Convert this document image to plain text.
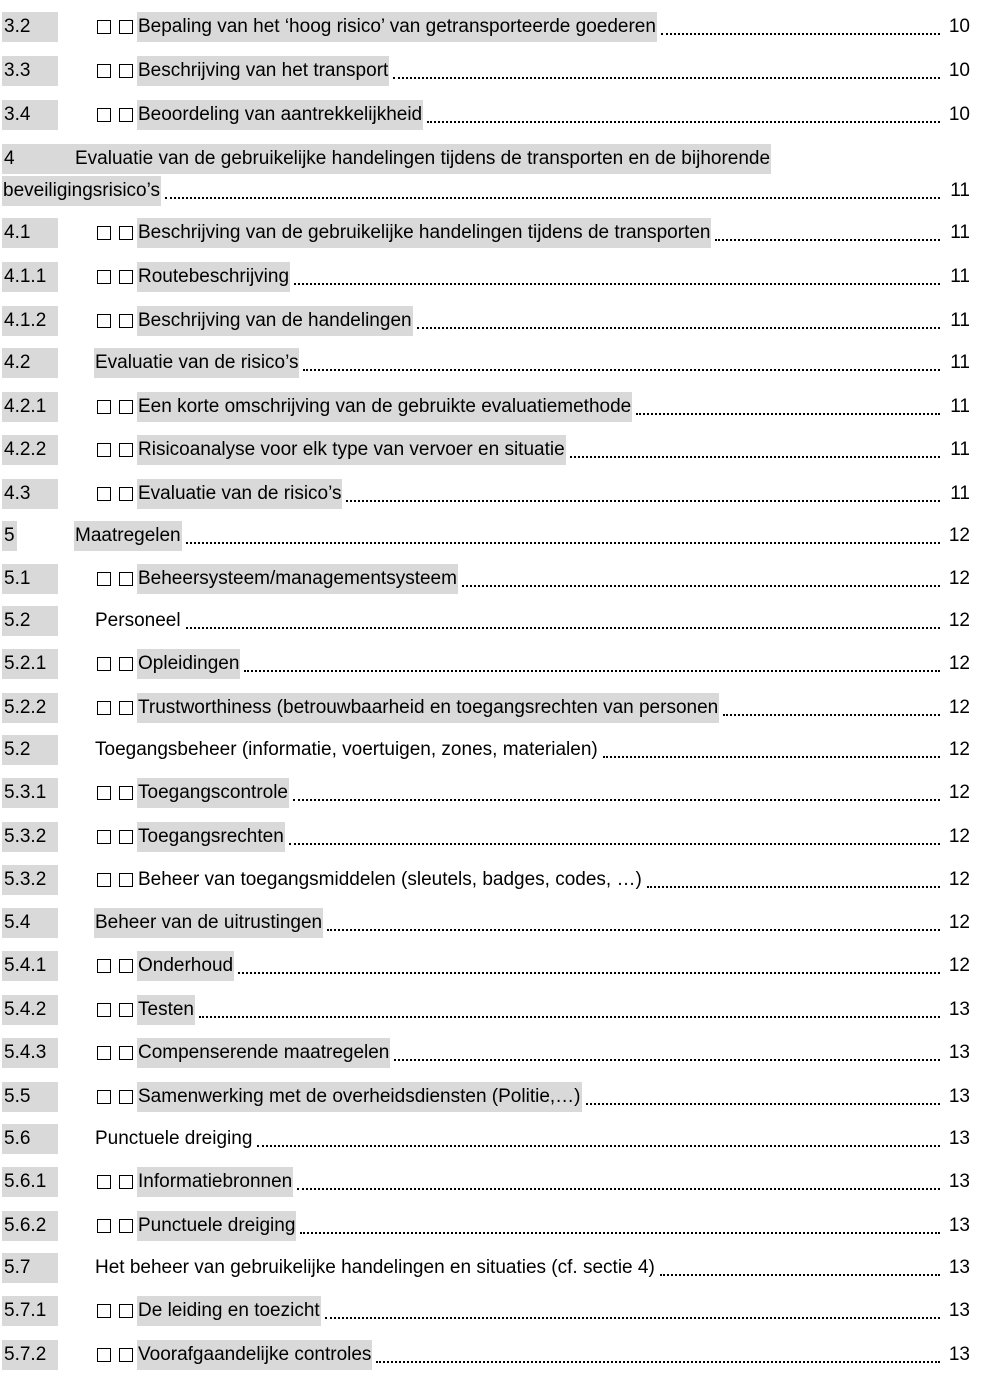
3.2	Bepaling van het ‘hoog risico’ van getransporteerde goederen	10
3.3	Beschrijving van het transport	10
3.4	Beoordeling van aantrekkelijkheid	10
4	Evaluatie van de gebruikelijke handelingen tijdens de transporten en de bijhorende
beveiligingsrisico’s	11
4.1	Beschrijving van de gebruikelijke handelingen tijdens de transporten	11
4.1.1	Routebeschrijving	11
4.1.2	Beschrijving van de handelingen	11
4.2	Evaluatie van de risico’s	11
4.2.1	Een korte omschrijving van de gebruikte evaluatiemethode	11
4.2.2	Risicoanalyse voor elk type van vervoer en situatie	11
4.3	Evaluatie van de risico’s	11
5	Maatregelen	12
5.1	Beheersysteem/managementsysteem	12
5.2	Personeel	12
5.2.1	Opleidingen	12
5.2.2	Trustworthiness (betrouwbaarheid en toegangsrechten van personen	12
5.2	Toegangsbeheer (informatie, voertuigen, zones, materialen)	12
5.3.1	Toegangscontrole	12
5.3.2	Toegangsrechten	12
5.3.2	Beheer van toegangsmiddelen (sleutels, badges, codes, …)	12
5.4	Beheer van de uitrustingen	12
5.4.1	Onderhoud	12
5.4.2	Testen	13
5.4.3	Compenserende maatregelen	13
5.5	Samenwerking met de overheidsdiensten (Politie,…)	13
5.6	Punctuele dreiging	13
5.6.1	Informatiebronnen	13
5.6.2	Punctuele dreiging	13
5.7	Het beheer van gebruikelijke handelingen en situaties (cf. sectie 4)	13
5.7.1	De leiding en toezicht	13
5.7.2	Voorafgaandelijke controles	13
